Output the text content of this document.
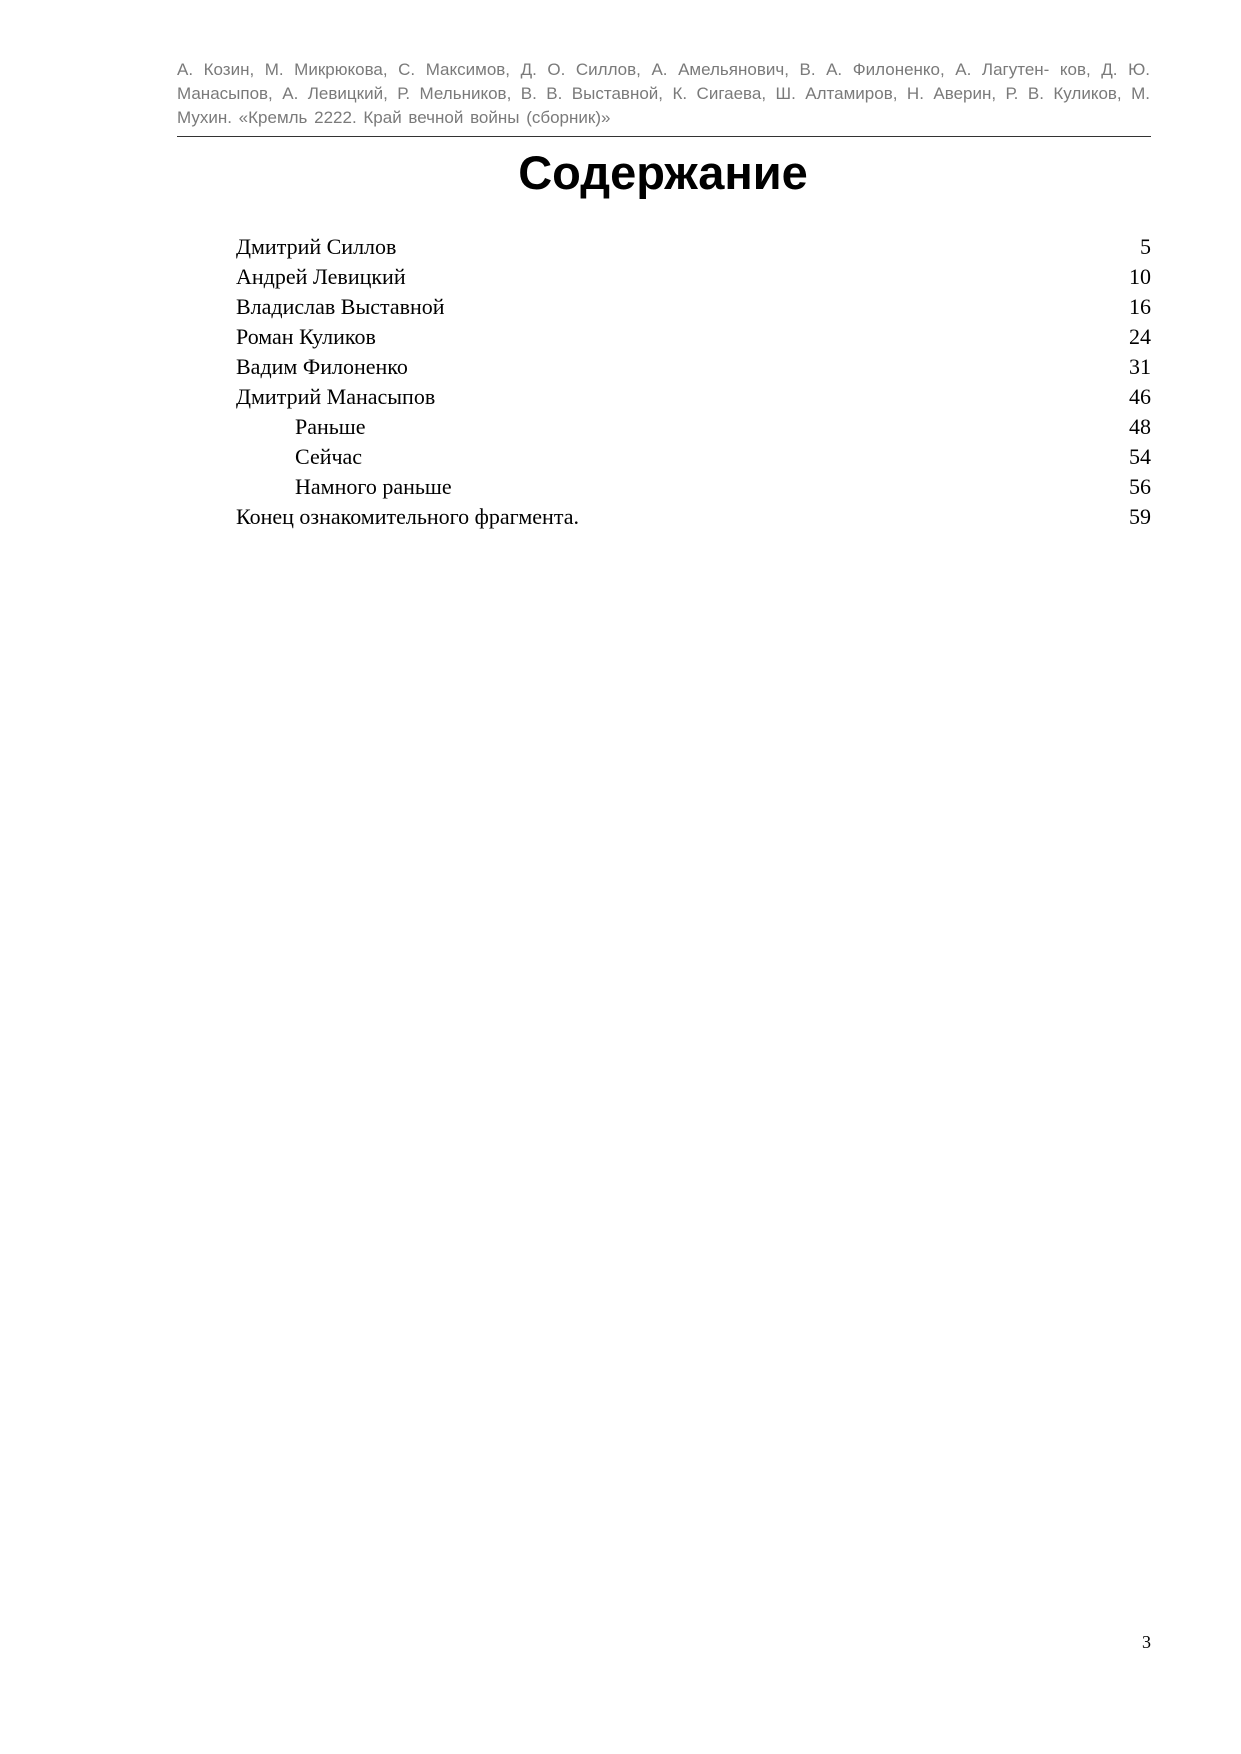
А. Козин, М. Микрюкова, С. Максимов, Д. О. Силлов, А. Амельянович, В. А. Филоненко, А. Лагутен- ков, Д. Ю. Манасыпов, А. Левицкий, Р. Мельников, В. В. Выставной, К. Сигаева, Ш. Алтамиров, Н. Аверин, Р. В. Куликов, М. Мухин. «Кремль 2222. Край вечной войны (сборник)»
Содержание
Дмитрий Силлов	5
Андрей Левицкий	10
Владислав Выставной	16
Роман Куликов	24
Вадим Филоненко	31
Дмитрий Манасыпов	46
Раньше	48
Сейчас	54
Намного раньше	56
Конец ознакомительного фрагмента.	59
3
